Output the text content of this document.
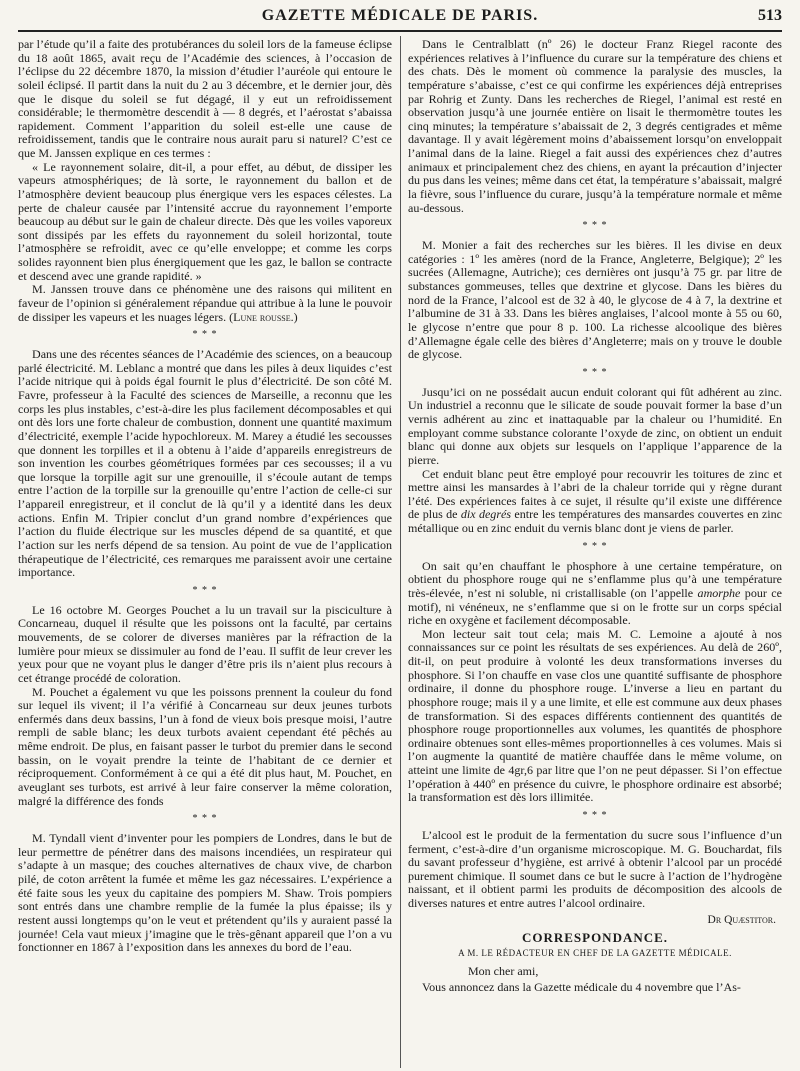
GAZETTE MÉDICALE DE PARIS.	513

par l’étude qu’il a faite des protubérances du soleil lors de la fameuse éclipse du 18 août 1865, avait reçu de l’Académie des sciences, à l’occasion de l’éclipse du 22 décembre 1870, la mission d’étudier l’auréole qui entoure le soleil éclipsé. Il partit dans la nuit du 2 au 3 décembre, et le dernier jour, dès que le disque du soleil se fut dégagé, il y eut un refroidissement considérable; le thermomètre descendit à — 8 degrés, et l’aérostat s’abaissa rapidement. Comment l’apparition du soleil est-elle une cause de refroidissement, tandis que le contraire nous aurait paru si naturel? C’est ce que M. Janssen explique en ces termes :

« Le rayonnement solaire, dit-il, a pour effet, au début, de dissiper les vapeurs atmosphériques; de là sorte, le rayonnement du ballon et de l’atmosphère devient beaucoup plus énergique vers les espaces célestes. La perte de chaleur causée par l’intensité accrue du rayonnement l’emporte beaucoup au début sur le gain de chaleur directe. Dès que les voiles vaporeux sont dissipés par les effets du rayonnement du soleil horizontal, toute l’atmosphère se refroidit, avec ce qu’elle enveloppe; et comme les corps solides rayonnent bien plus énergiquement que les gaz, le ballon se contracte et descend avec une grande rapidité. »

M. Janssen trouve dans ce phénomène une des raisons qui militent en faveur de l’opinion si généralement répandue qui attribue à la lune le pouvoir de dissiper les vapeurs et les nuages légers. (Lune rousse.)

* * *

Dans une des récentes séances de l’Académie des sciences, on a beaucoup parlé électricité. M. Leblanc a montré que dans les piles à deux liquides c’est l’acide nitrique qui à poids égal fournit le plus d’électricité. De son côté M. Favre, professeur à la Faculté des sciences de Marseille, a reconnu que les corps les plus instables, c’est-à-dire les plus facilement décomposables et qui ont dès lors une forte chaleur de combustion, donnent une quantité maximum d’électricité, exemple l’acide hypochloreux. M. Marey a étudié les secousses que donnent les torpilles et il a obtenu à l’aide d’appareils enregistreurs de son invention les courbes géométriques formées par ces secousses; il a vu que lorsque la torpille agit sur une grenouille, il s’écoule autant de temps entre l’action de la torpille sur la grenouille qu’entre l’action de celle-ci sur l’appareil enregistreur, et il conclut de là qu’il y a identité dans les deux actions. Enfin M. Tripier conclut d’un grand nombre d’expériences que l’action du fluide électrique sur les muscles dépend de sa quantité, et que l’action sur les nerfs dépend de sa tension. Au point de vue de l’application thérapeutique de l’électricité, ces remarques me paraissent avoir une certaine importance.

* * *

Le 16 octobre M. Georges Pouchet a lu un travail sur la pisciculture à Concarneau, duquel il résulte que les poissons ont la faculté, par certains mouvements, de se colorer de diverses manières par la réfraction de la lumière pour mieux se dissimuler au fond de l’eau. Il suffit de leur crever les yeux pour que ne voyant plus le danger d’être pris ils n’aient plus recours à cet étrange procédé de coloration.

M. Pouchet a également vu que les poissons prennent la couleur du fond sur lequel ils vivent; il l’a vérifié à Concarneau sur deux jeunes turbots enfermés dans deux bassins, l’un à fond de vieux bois presque moisi, l’autre rempli de sable blanc; les deux turbots avaient cependant été pêchés au même endroit. De plus, en faisant passer le turbot du premier dans le second bassin, on le voyait prendre la teinte de l’habitant de ce dernier et réciproquement. Conformément à ce qui a été dit plus haut, M. Pouchet, en aveuglant ses turbots, est arrivé à leur faire conserver la même coloration, malgré la différence des fonds

* * *

M. Tyndall vient d’inventer pour les pompiers de Londres, dans le but de leur permettre de pénétrer dans des maisons incendiées, un respirateur qui s’adapte à un masque; des couches alternatives de chaux vive, de charbon pilé, de coton arrêtent la fumée et même les gaz nécessaires. L’expérience a été faite sous les yeux du capitaine des pompiers M. Shaw. Trois pompiers sont entrés dans une chambre remplie de la fumée la plus épaisse; ils y restent aussi longtemps qu’on le veut et prétendent qu’ils y auraient passé la journée! Cela vaut mieux j’imagine que le très-gênant appareil que l’on a vu fonctionner en 1867 à l’exposition dans les annexes du bord de l’eau.

Dans le Centralblatt (nº 26) le docteur Franz Riegel raconte des expériences relatives à l’influence du curare sur la température des chiens et des chats. Dès le moment où commence la paralysie des muscles, la température s’abaisse, c’est ce qui confirme les expériences déjà entreprises par Rohrig et Zunty. Dans les recherches de Riegel, l’animal est resté en observation jusqu’à une journée entière on lisait le thermomètre toutes les cinq minutes; la température s’abaissait de 2, 3 degrés centigrades et même davantage. Il y avait légèrement moins d’abaissement lorsqu’on enveloppait l’animal dans de la laine. Riegel a fait aussi des expériences chez d’autres animaux et principalement chez des chiens, en ayant la précaution d’injecter du pus dans les veines; même dans cet état, la température s’abaissait, malgré la fièvre, sous l’influence du curare, jusqu’à la température normale et même au-dessous.

* * *

M. Monier a fait des recherches sur les bières. Il les divise en deux catégories : 1º les amères (nord de la France, Angleterre, Belgique); 2º les sucrées (Allemagne, Autriche); ces dernières ont jusqu’à 75 gr. par litre de substances gommeuses, telles que dextrine et glycose. Dans les bières du nord de la France, l’alcool est de 32 à 40, le glycose de 4 à 7, la dextrine et l’albumine de 31 à 33. Dans les bières anglaises, l’alcool monte à 55 ou 60, le glycose n’entre que pour 8 p. 100. La richesse alcoolique des bières d’Allemagne égale celle des bières d’Angleterre; mais on y trouve le double de glycose.

* * *

Jusqu’ici on ne possédait aucun enduit colorant qui fût adhérent au zinc. Un industriel a reconnu que le silicate de soude pouvait former la base d’un vernis adhérent au zinc et inattaquable par la chaleur ou l’humidité. En employant comme substance colorante l’oxyde de zinc, on obtient un enduit blanc qui donne aux objets sur lesquels on l’applique l’apparence de la pierre.

Cet enduit blanc peut être employé pour recouvrir les toitures de zinc et mettre ainsi les mansardes à l’abri de la chaleur torride qui y règne durant l’été. Des expériences faites à ce sujet, il résulte qu’il existe une différence de plus de dix degrés entre les températures des mansardes couvertes en zinc métallique ou en zinc enduit du vernis blanc dont je viens de parler.

* * *

On sait qu’en chauffant le phosphore à une certaine température, on obtient du phosphore rouge qui ne s’enflamme plus qu’à une température très-élevée, n’est ni soluble, ni cristallisable (on l’appelle amorphe pour ce motif), ni vénéneux, ne s’enflamme que si on le frotte sur un corps spécial riche en oxygène et facilement décomposable.

Mon lecteur sait tout cela; mais M. C. Lemoine a ajouté à nos connaissances sur ce point les résultats de ses expériences. Au delà de 260º, dit-il, on peut produire à volonté les deux transformations inverses du phosphore. Si l’on chauffe en vase clos une quantité suffisante de phosphore ordinaire, il donne du phosphore rouge. L’inverse a lieu en partant du phosphore rouge; mais il y a une limite, et elle est commune aux deux phases de transformation. Si des espaces différents contiennent des quantités de phosphore rouge proportionnelles aux volumes, les quantités de phosphore ordinaire obtenues sont elles-mêmes proportionnelles à ces volumes. Mais si l’on augmente la quantité de matière chauffée dans le même volume, on atteint une limite de 4gr,6 par litre que l’on ne peut dépasser. Si l’on effectue l’opération à 440º en présence du cuivre, le phosphore ordinaire est absorbé; la transformation est dès lors illimitée.

* * *

L’alcool est le produit de la fermentation du sucre sous l’influence d’un ferment, c’est-à-dire d’un organisme microscopique. M. G. Bouchardat, fils du savant professeur d’hygiène, est arrivé à obtenir l’alcool par un procédé purement chimique. Il soumet dans ce but le sucre à l’action de l’hydrogène naissant, et il obtient parmi les produits de décomposition des alcools de diverses natures et entre autres l’alcool ordinaire.

Dr Quæstitor.
CORRESPONDANCE.
A M. LE RÉDACTEUR EN CHEF DE LA GAZETTE MÉDICALE.
Mon cher ami,

Vous annoncez dans la Gazette médicale du 4 novembre que l’As-
